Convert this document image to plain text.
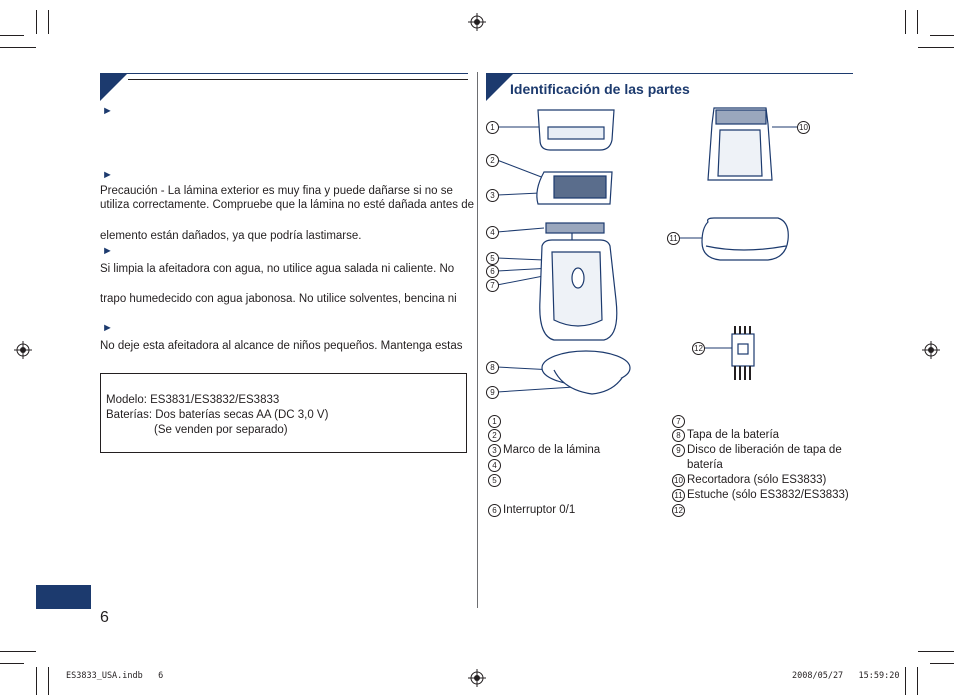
►
►
Precaución - La lámina exterior es muy fina y puede dañarse si no se
utiliza correctamente. Compruebe que la lámina no esté dañada antes de
elemento están dañados, ya que podría lastimarse.
►
Si limpia la afeitadora con agua, no utilice agua salada ni caliente. No
trapo humedecido con agua jabonosa. No utilice solventes, bencina ni
►
No deje esta afeitadora al alcance de niños pequeños. Mantenga estas
Modelo: ES3831/ES3832/ES3833
Baterías: Dos baterías secas AA (DC 3,0 V)
(Se venden por separado)
6
Identificación de las partes
1
2
3
4
5
6
7
8
9
10
11
12
1
2
3 Marco de la lámina
4
5
6 Interruptor 0/1
7
8 Tapa de la batería
9 Disco de liberación de tapa de
batería
10 Recortadora (sólo ES3833)
11 Estuche (sólo ES3832/ES3833)
12
ES3833_USA.indb   6	2008/05/27   15:59:20
